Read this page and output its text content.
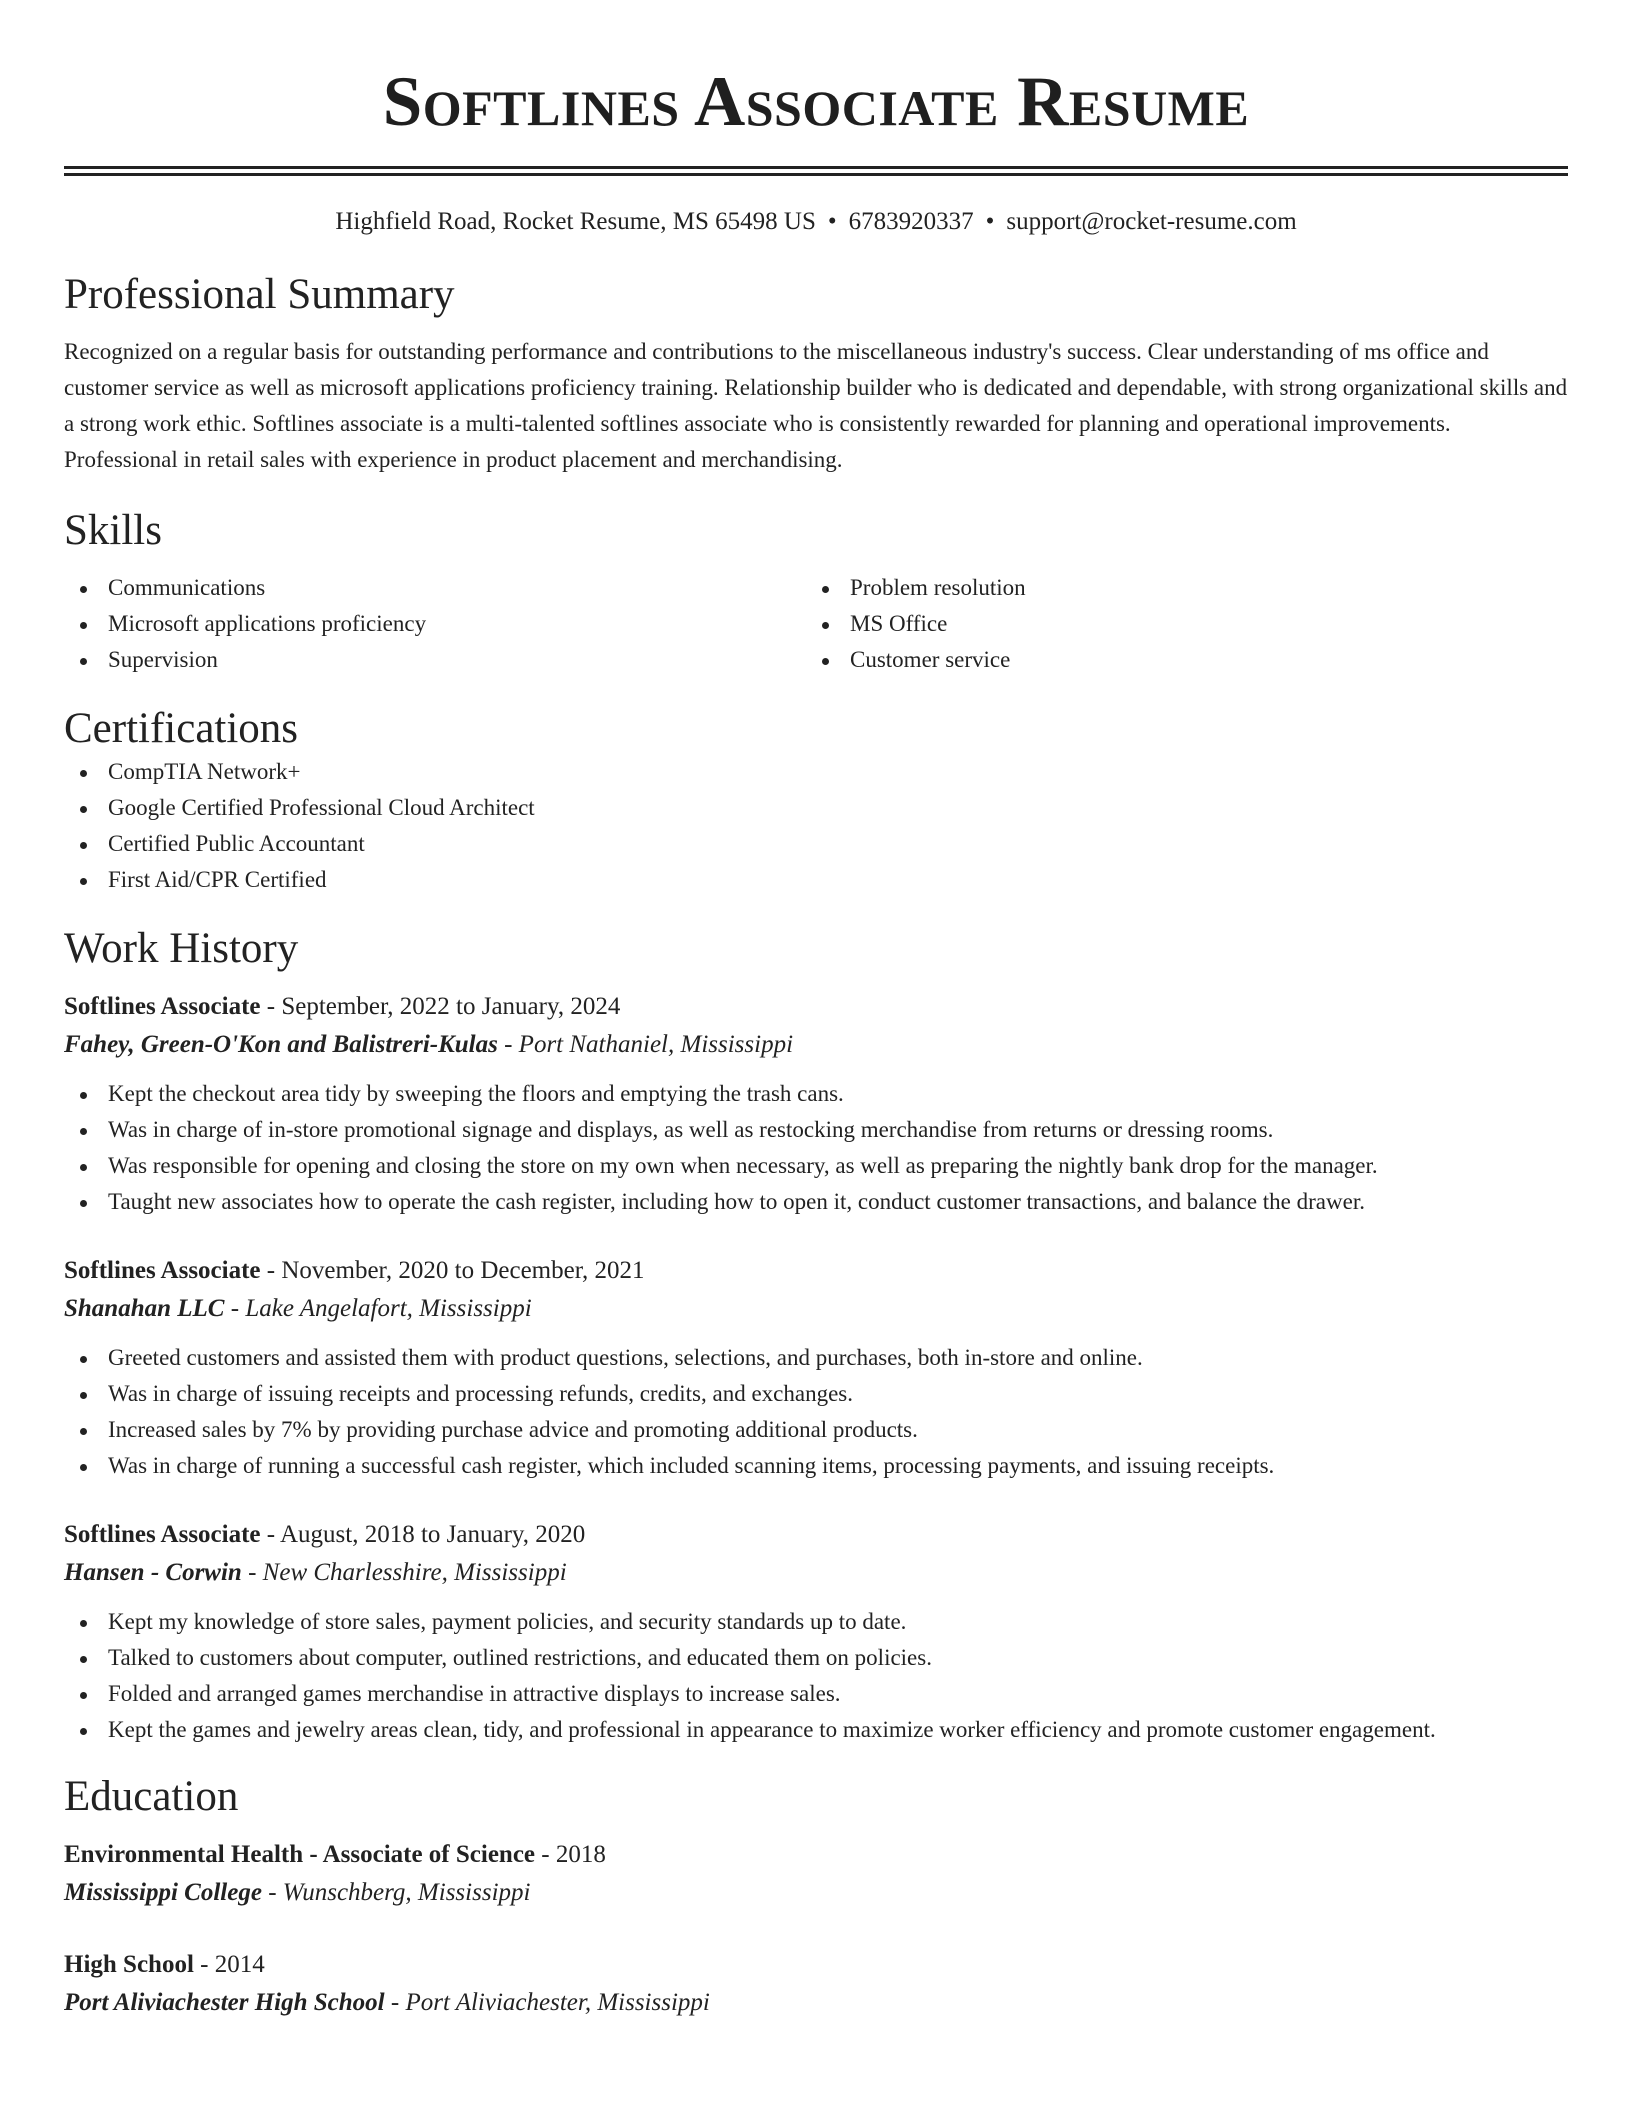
Softlines Associate Resume
Highfield Road, Rocket Resume, MS 65498 US • 6783920337 • support@rocket-resume.com
Professional Summary
Recognized on a regular basis for outstanding performance and contributions to the miscellaneous industry's success. Clear understanding of ms office and customer service as well as microsoft applications proficiency training. Relationship builder who is dedicated and dependable, with strong organizational skills and a strong work ethic. Softlines associate is a multi-talented softlines associate who is consistently rewarded for planning and operational improvements. Professional in retail sales with experience in product placement and merchandising.
Skills
Communications
Microsoft applications proficiency
Supervision
Problem resolution
MS Office
Customer service
Certifications
CompTIA Network+
Google Certified Professional Cloud Architect
Certified Public Accountant
First Aid/CPR Certified
Work History
Softlines Associate - September, 2022 to January, 2024
Fahey, Green-O'Kon and Balistreri-Kulas - Port Nathaniel, Mississippi
Kept the checkout area tidy by sweeping the floors and emptying the trash cans.
Was in charge of in-store promotional signage and displays, as well as restocking merchandise from returns or dressing rooms.
Was responsible for opening and closing the store on my own when necessary, as well as preparing the nightly bank drop for the manager.
Taught new associates how to operate the cash register, including how to open it, conduct customer transactions, and balance the drawer.
Softlines Associate - November, 2020 to December, 2021
Shanahan LLC - Lake Angelafort, Mississippi
Greeted customers and assisted them with product questions, selections, and purchases, both in-store and online.
Was in charge of issuing receipts and processing refunds, credits, and exchanges.
Increased sales by 7% by providing purchase advice and promoting additional products.
Was in charge of running a successful cash register, which included scanning items, processing payments, and issuing receipts.
Softlines Associate - August, 2018 to January, 2020
Hansen - Corwin - New Charlesshire, Mississippi
Kept my knowledge of store sales, payment policies, and security standards up to date.
Talked to customers about computer, outlined restrictions, and educated them on policies.
Folded and arranged games merchandise in attractive displays to increase sales.
Kept the games and jewelry areas clean, tidy, and professional in appearance to maximize worker efficiency and promote customer engagement.
Education
Environmental Health - Associate of Science - 2018
Mississippi College - Wunschberg, Mississippi
High School - 2014
Port Aliviachester High School - Port Aliviachester, Mississippi
